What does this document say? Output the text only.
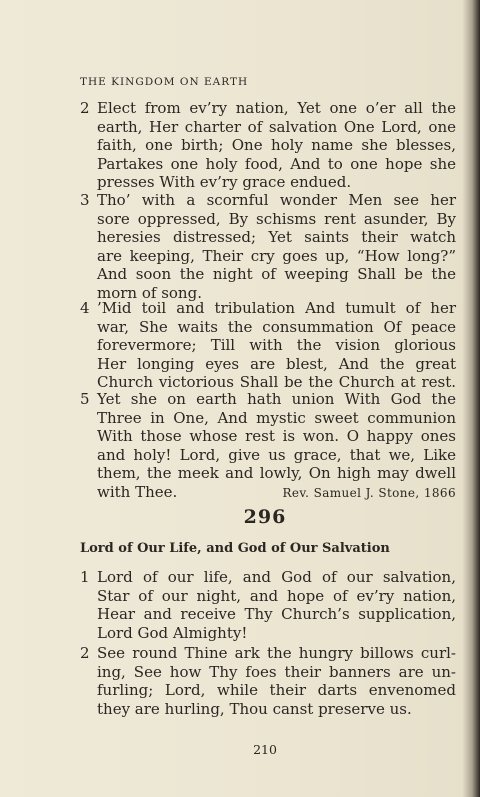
THE KINGDOM ON EARTH
2 Elect from ev’ry nation, Yet one o’er all the
earth, Her charter of salvation One Lord, one
faith, one birth; One holy name she blesses,
Partakes one holy food, And to one hope she
presses With ev’ry grace endued.
3 Tho’ with a scornful wonder Men see her
sore oppressed, By schisms rent asunder, By
heresies distressed; Yet saints their watch
are keeping, Their cry goes up, “How long?”
And soon the night of weeping Shall be the
morn of song.
4 ’Mid toil and tribulation And tumult of her
war, She waits the consummation Of peace
forevermore; Till with the vision glorious
Her longing eyes are blest, And the great
Church victorious Shall be the Church at rest.
5 Yet she on earth hath union With God the
Three in One, And mystic sweet communion
With those whose rest is won. O happy ones
and holy! Lord, give us grace, that we, Like
them, the meek and lowly, On high may dwell
with Thee.	Rev. Samuel J. Stone, 1866
296
Lord of Our Life, and God of Our Salvation
1 Lord of our life, and God of our salvation,
Star of our night, and hope of ev’ry nation,
Hear and receive Thy Church’s supplication,
Lord God Almighty!
2 See round Thine ark the hungry billows curl-
ing, See how Thy foes their banners are un-
furling; Lord, while their darts envenomed
they are hurling, Thou canst preserve us.
210
